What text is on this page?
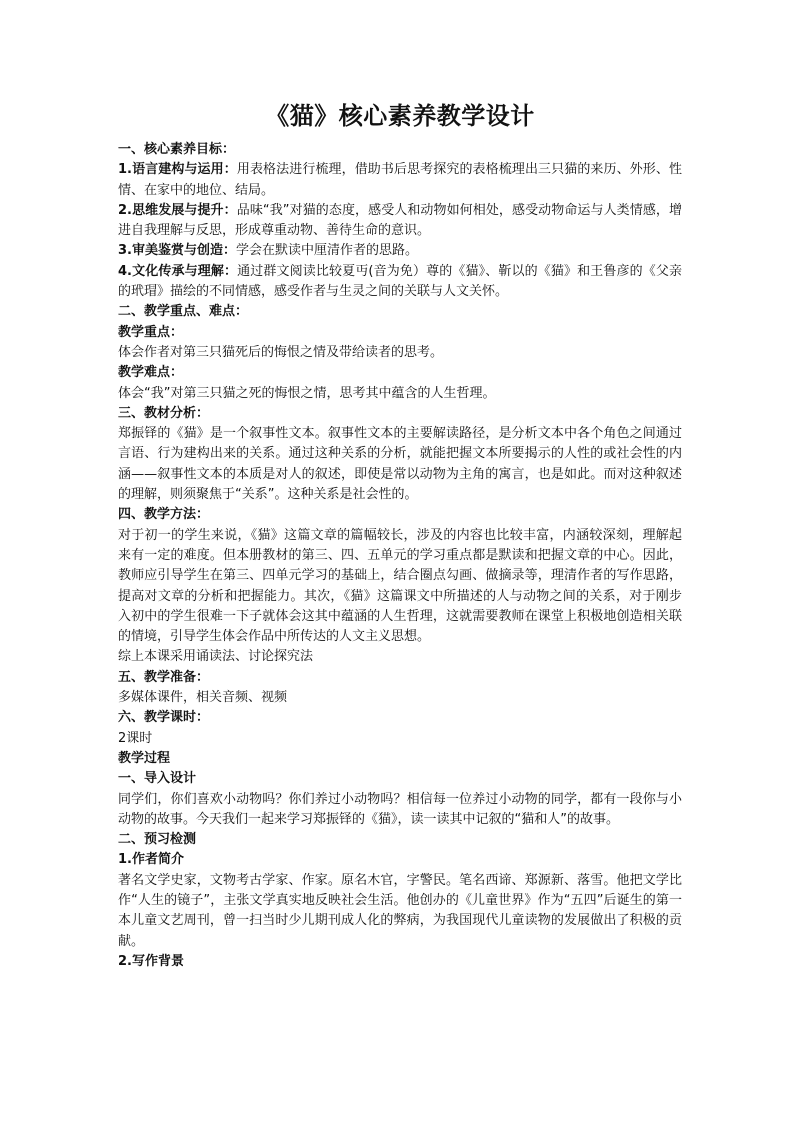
《猫》核心素养教学设计

一、核心素养目标：

1.语言建构与运用：用表格法进行梳理，借助书后思考探究的表格梳理出三只猫的来历、外形、性情、在家中的地位、结局。

2.思维发展与提升：品味“我”对猫的态度，感受人和动物如何相处，感受动物命运与人类情感，增进自我理解与反思，形成尊重动物、善待生命的意识。

3.审美鉴赏与创造：学会在默读中厘清作者的思路。

4.文化传承与理解：通过群文阅读比较夏丏(音为免）尊的《猫》、靳以的《猫》和王鲁彦的《父亲的玳瑁》描绘的不同情感，感受作者与生灵之间的关联与人文关怀。

二、教学重点、难点：

教学重点：

体会作者对第三只猫死后的悔恨之情及带给读者的思考。

教学难点：

体会“我”对第三只猫之死的悔恨之情，思考其中蕴含的人生哲理。

三、教材分析：

郑振铎的《猫》是一个叙事性文本。叙事性文本的主要解读路径，是分析文本中各个角色之间通过言语、行为建构出来的关系。通过这种关系的分析，就能把握文本所要揭示的人性的或社会性的内涵——叙事性文本的本质是对人的叙述，即使是常以动物为主角的寓言，也是如此。而对这种叙述的理解，则须聚焦于“关系”。这种关系是社会性的。

四、教学方法：

对于初一的学生来说，《猫》这篇文章的篇幅较长，涉及的内容也比较丰富，内涵较深刻，理解起来有一定的难度。但本册教材的第三、四、五单元的学习重点都是默读和把握文章的中心。因此，教师应引导学生在第三、四单元学习的基础上，结合圈点勾画、做摘录等，理清作者的写作思路，提高对文章的分析和把握能力。其次，《猫》这篇课文中所描述的人与动物之间的关系，对于刚步入初中的学生很难一下子就体会这其中蕴涵的人生哲理，这就需要教师在课堂上积极地创造相关联的情境，引导学生体会作品中所传达的人文主义思想。

综上本课采用诵读法、讨论探究法

五、教学准备：

多媒体课件，相关音频、视频

六、教学课时：

2课时

教学过程

一、导入设计

同学们，你们喜欢小动物吗？你们养过小动物吗？相信每一位养过小动物的同学，都有一段你与小动物的故事。今天我们一起来学习郑振铎的《猫》，读一读其中记叙的“猫和人”的故事。

二、预习检测

1.作者简介

著名文学史家，文物考古学家、作家。原名木官，字警民。笔名西谛、郑源新、落雪。他把文学比作“人生的镜子”，主张文学真实地反映社会生活。他创办的《儿童世界》作为“五四”后诞生的第一本儿童文艺周刊，曾一扫当时少儿期刊成人化的弊病，为我国现代儿童读物的发展做出了积极的贡献。

2.写作背景
